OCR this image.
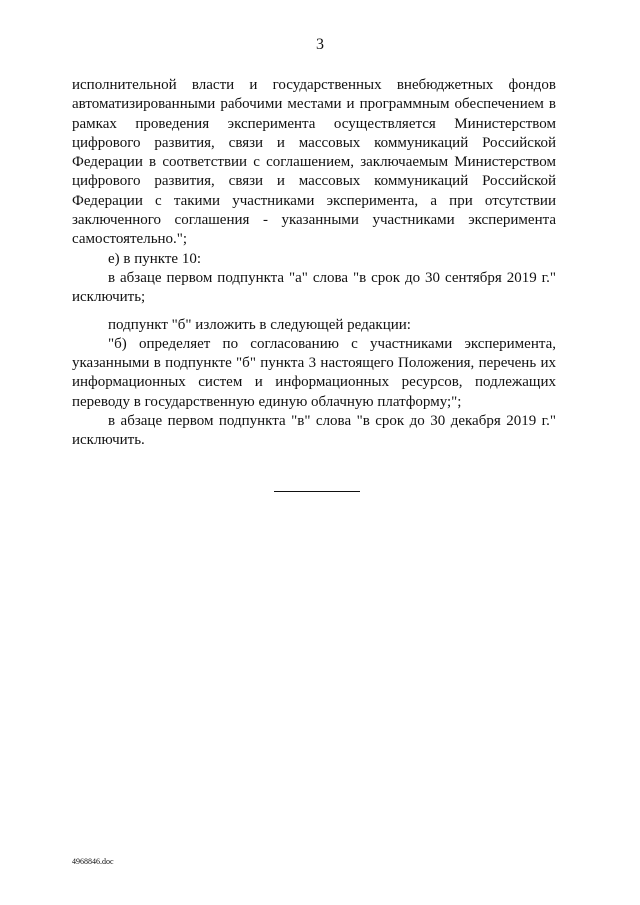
3

исполнительной власти и государственных внебюджетных фондов автоматизированными рабочими местами и программным обеспечением в рамках проведения эксперимента осуществляется Министерством цифрового развития, связи и массовых коммуникаций Российской Федерации в соответствии с соглашением, заключаемым Министерством цифрового развития, связи и массовых коммуникаций Российской Федерации с такими участниками эксперимента, а при отсутствии заключенного соглашения - указанными участниками эксперимента самостоятельно.";

е) в пункте 10:

в абзаце первом подпункта "а" слова "в срок до 30 сентября 2019 г." исключить;

подпункт "б" изложить в следующей редакции:

"б) определяет по согласованию с участниками эксперимента, указанными в подпункте "б" пункта 3 настоящего Положения, перечень их информационных систем и информационных ресурсов, подлежащих переводу в государственную единую облачную платформу;";

в абзаце первом подпункта "в" слова "в срок до 30 декабря 2019 г." исключить.

4968846.doc
